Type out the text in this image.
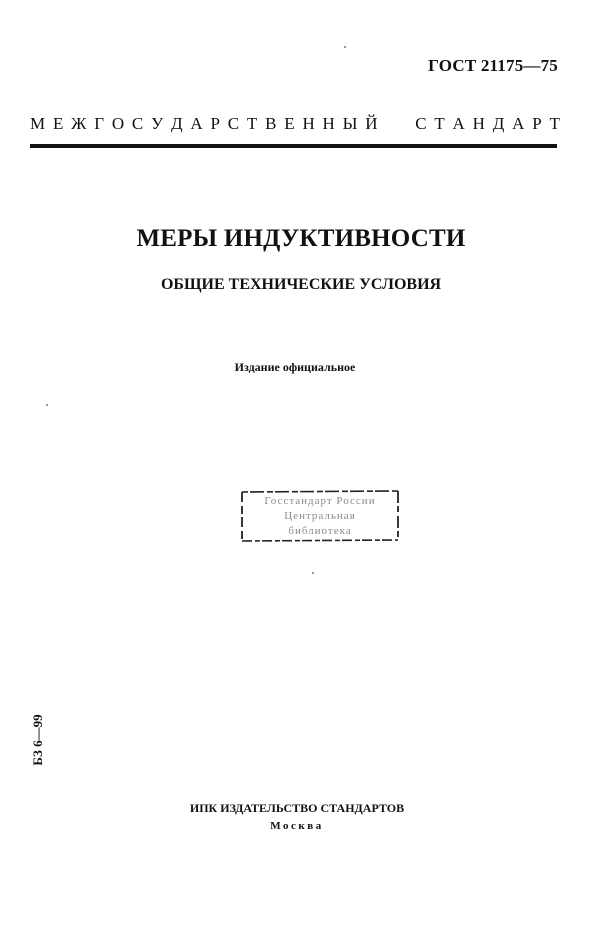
ГОСТ 21175—75
М Е Ж Г О С У Д А Р С Т В Е Н Н Ы Й С Т А Н Д А Р Т
МЕРЫ ИНДУКТИВНОСТИ
ОБЩИЕ ТЕХНИЧЕСКИЕ УСЛОВИЯ
Издание официальное
Госстандарт России
Центральная
библиотека
БЗ 6—99
ИПК ИЗДАТЕЛЬСТВО СТАНДАРТОВ
Москва
